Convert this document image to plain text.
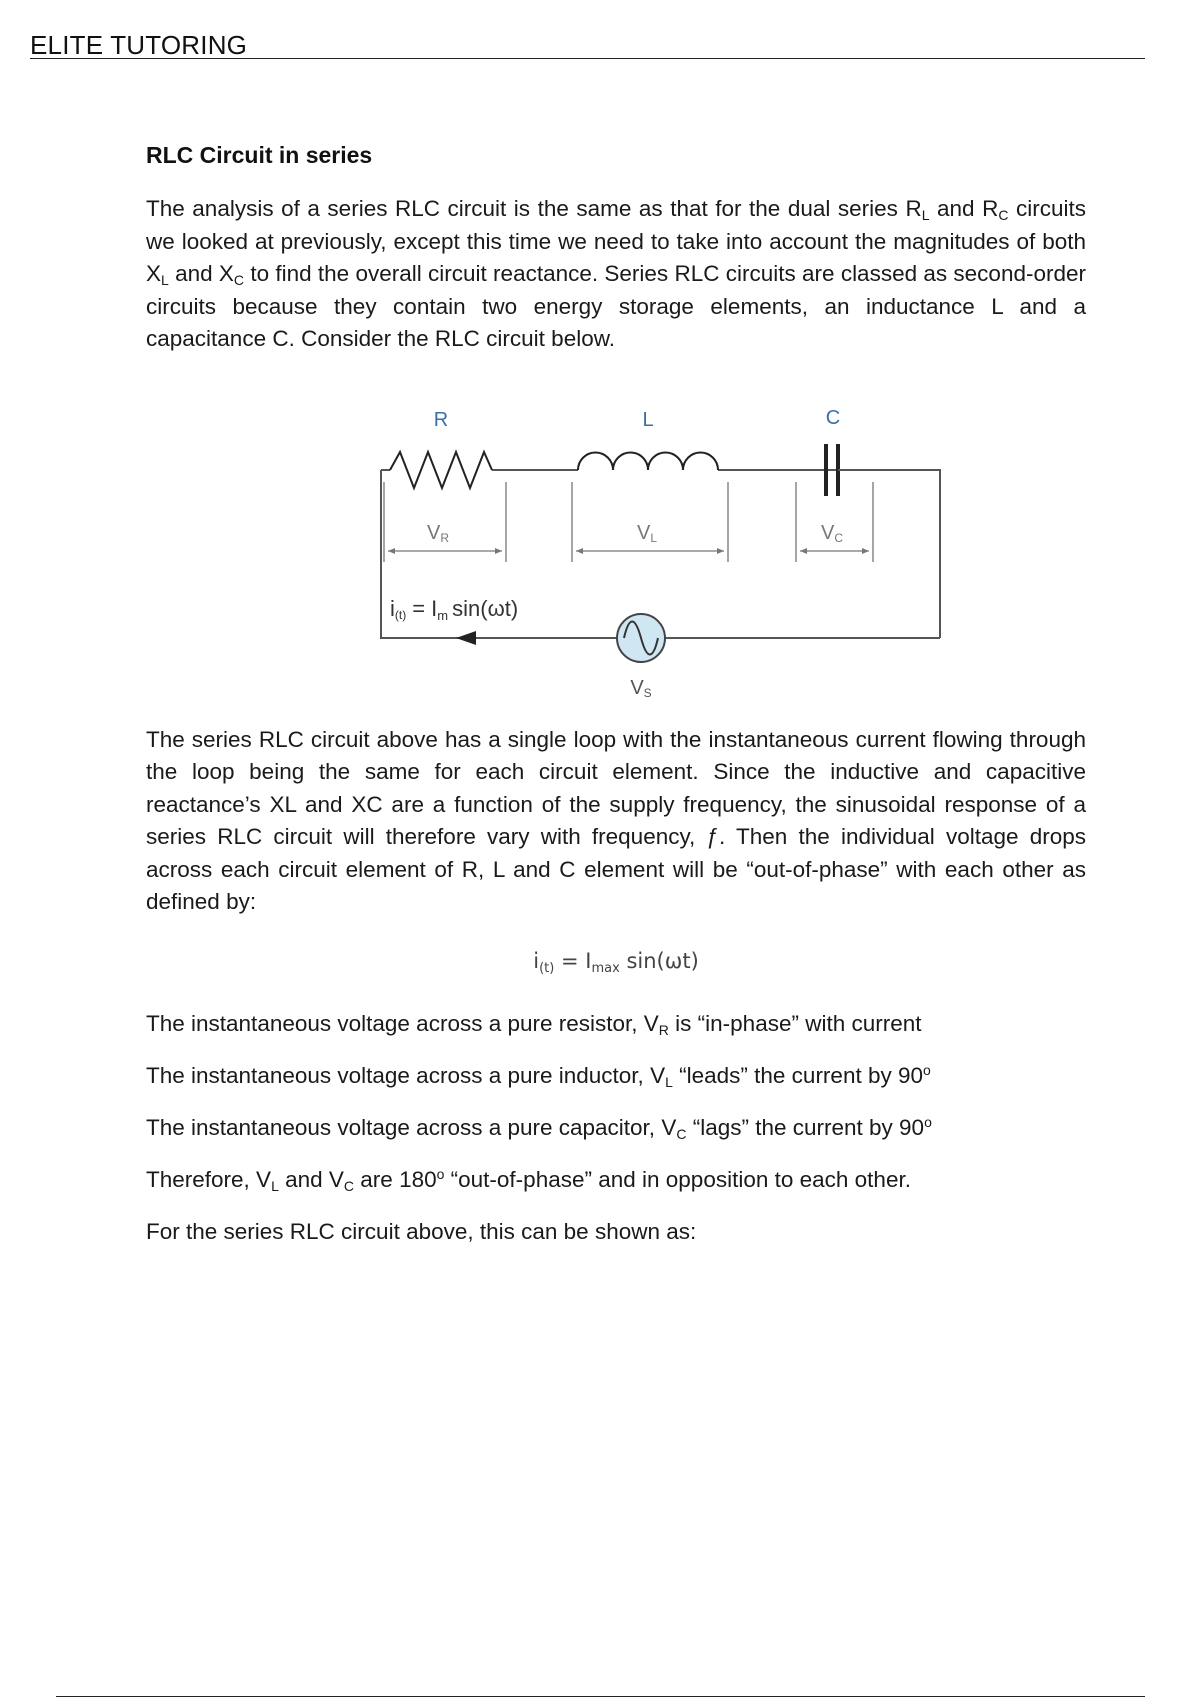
ELITE TUTORING
RLC Circuit in series

The analysis of a series RLC circuit is the same as that for the dual series $R_L$ and $R_C$ circuits we looked at previously, except this time we need to take into account the magnitudes of both $X_L$ and $X_C$ to find the overall circuit reactance. Series RLC circuits are classed as second-order circuits because they contain two energy storage elements, an inductance L and a capacitance C. Consider the RLC circuit below.

R	L	C
VR	VL	VC
i(t) = Im sin(ωt)
VS

The series RLC circuit above has a single loop with the instantaneous current flowing through the loop being the same for each circuit element. Since the inductive and capacitive reactance’s XL and XC are a function of the supply frequency, the sinusoidal response of a series RLC circuit will therefore vary with frequency, ƒ. Then the individual voltage drops across each circuit element of R, L and C element will be “out-of-phase” with each other as defined by:

$i_{(t)} = I_{max}$ sin(ωt)

The instantaneous voltage across a pure resistor, $V_R$ is “in-phase” with current

The instantaneous voltage across a pure inductor, $V_L$ “leads” the current by 90$^o$

The instantaneous voltage across a pure capacitor, $V_C$ “lags” the current by 90$^o$

Therefore, $V_L$ and $V_C$ are 180$^o$ “out-of-phase” and in opposition to each other.

For the series RLC circuit above, this can be shown as:
